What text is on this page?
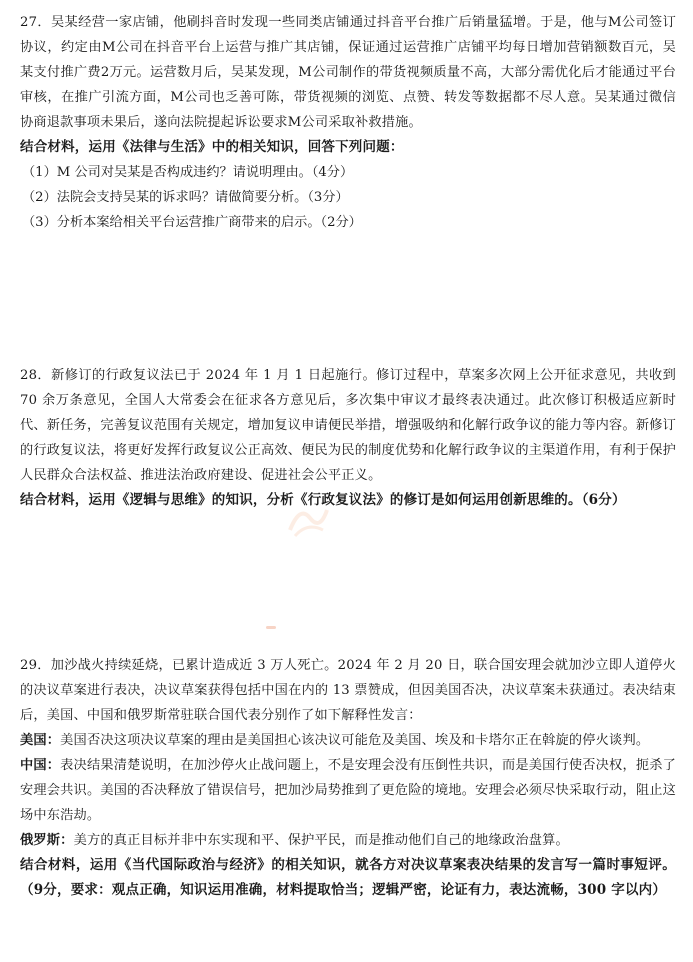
27．吴某经营一家店铺，他刷抖音时发现一些同类店铺通过抖音平台推广后销量猛增。于是，他与M公司签订协议，约定由M公司在抖音平台上运营与推广其店铺，保证通过运营推广店铺平均每日增加营销额数百元，吴某支付推广费2万元。运营数月后，吴某发现，M公司制作的带货视频质量不高，大部分需优化后才能通过平台审核，在推广引流方面，M公司也乏善可陈，带货视频的浏览、点赞、转发等数据都不尽人意。吴某通过微信协商退款事项未果后，遂向法院提起诉讼要求M公司采取补救措施。

结合材料，运用《法律与生活》中的相关知识，回答下列问题：

（1）M 公司对吴某是否构成违约？请说明理由。（4分）

（2）法院会支持吴某的诉求吗？请做简要分析。（3分）

（3）分析本案给相关平台运营推广商带来的启示。（2分）

28．新修订的行政复议法已于 2024 年 1 月 1 日起施行。修订过程中，草案多次网上公开征求意见，共收到 70 余万条意见，全国人大常委会在征求各方意见后，多次集中审议才最终表决通过。此次修订积极适应新时代、新任务，完善复议范围有关规定，增加复议申请便民举措，增强吸纳和化解行政争议的能力等内容。新修订的行政复议法，将更好发挥行政复议公正高效、便民为民的制度优势和化解行政争议的主渠道作用，有利于保护人民群众合法权益、推进法治政府建设、促进社会公平正义。

结合材料，运用《逻辑与思维》的知识，分析《行政复议法》的修订是如何运用创新思维的。（6分）

29．加沙战火持续延烧，已累计造成近 3 万人死亡。2024 年 2 月 20 日，联合国安理会就加沙立即人道停火的决议草案进行表决，决议草案获得包括中国在内的 13 票赞成，但因美国否决，决议草案未获通过。表决结束后，美国、中国和俄罗斯常驻联合国代表分别作了如下解释性发言：

美国：美国否决这项决议草案的理由是美国担心该决议可能危及美国、埃及和卡塔尔正在斡旋的停火谈判。

中国：表决结果清楚说明，在加沙停火止战问题上，不是安理会没有压倒性共识，而是美国行使否决权，扼杀了安理会共识。美国的否决释放了错误信号，把加沙局势推到了更危险的境地。安理会必须尽快采取行动，阻止这场中东浩劫。

俄罗斯：美方的真正目标并非中东实现和平、保护平民，而是推动他们自己的地缘政治盘算。

结合材料，运用《当代国际政治与经济》的相关知识，就各方对决议草案表决结果的发言写一篇时事短评。（9分，要求：观点正确，知识运用准确，材料提取恰当；逻辑严密，论证有力，表达流畅，300 字以内）
